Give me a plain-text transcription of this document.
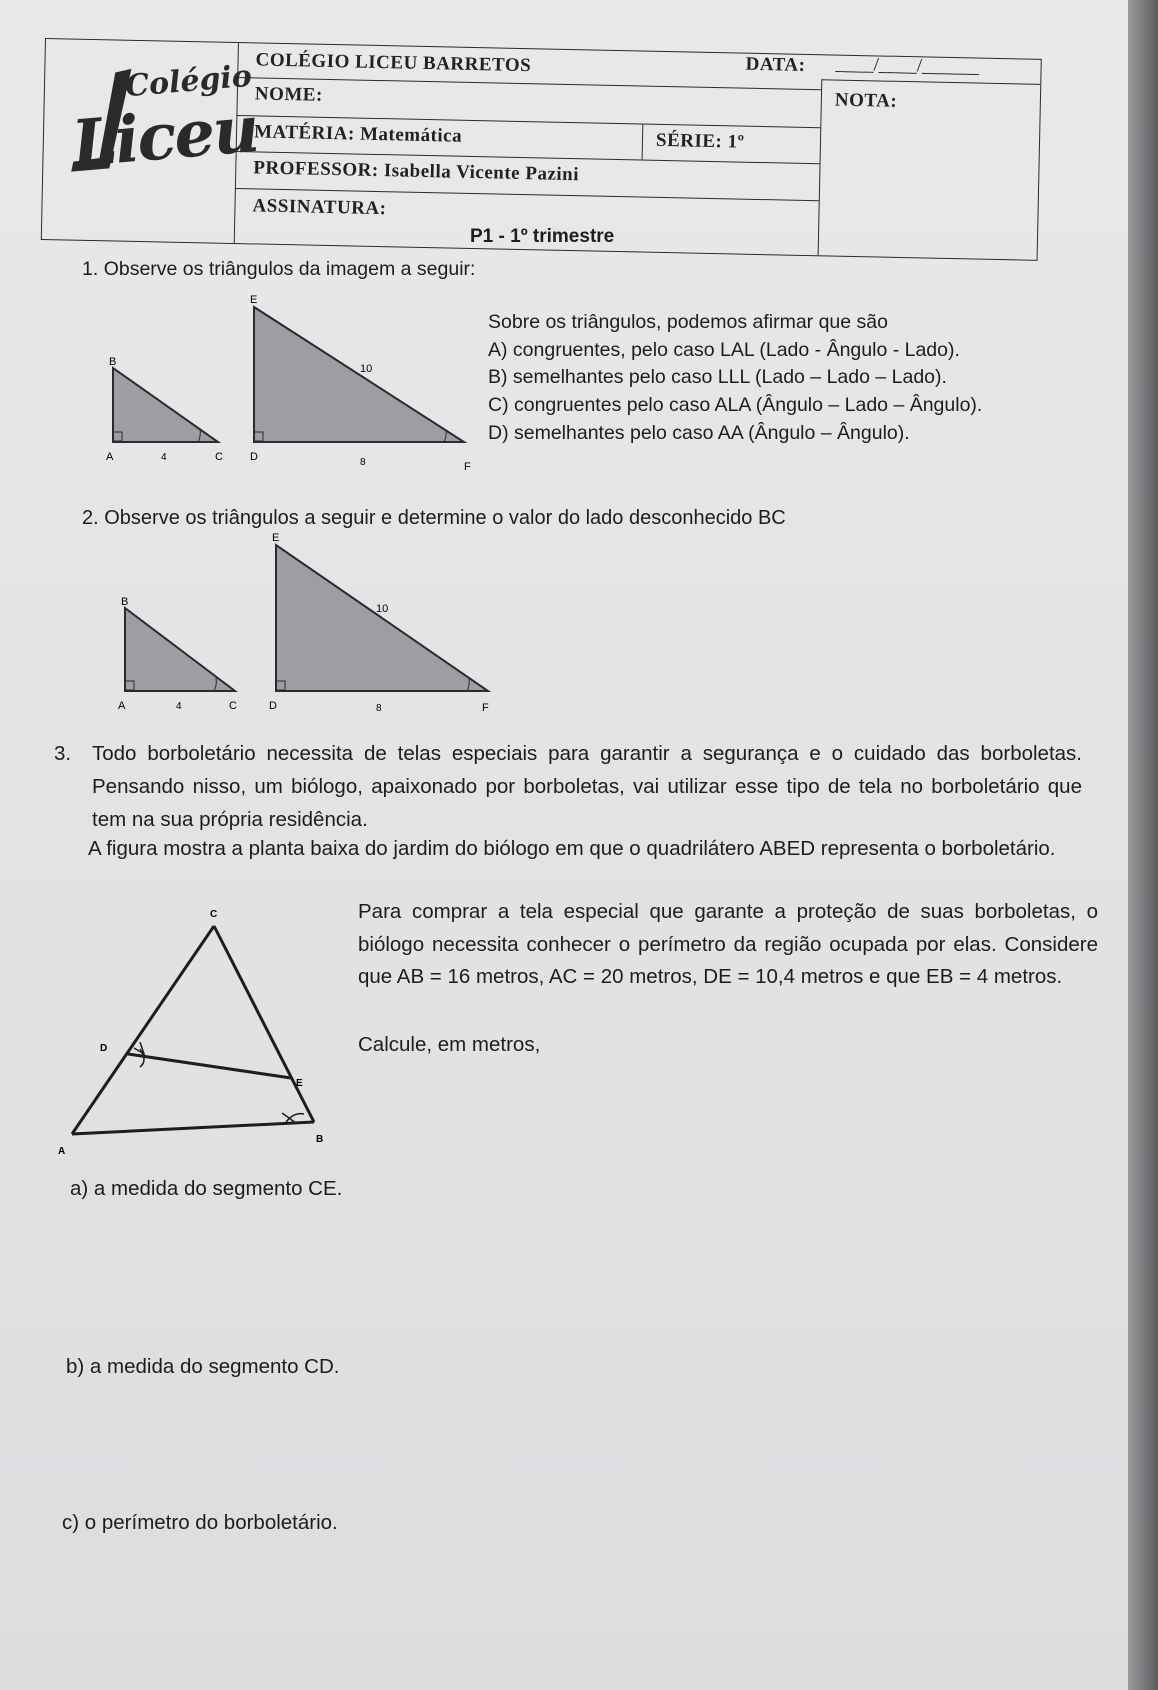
Colégio
Liceu
COLÉGIO LICEU BARRETOS	DATA: ____/____/______
NOME:	NOTA:
MATÉRIA: Matemática	SÉRIE: 1º
PROFESSOR: Isabella Vicente Pazini
ASSINATURA:
P1 - 1º trimestre
1. Observe os triângulos da imagem a seguir:
B
A	4	C
E
10
D	8	F
Sobre os triângulos, podemos afirmar que são
A) congruentes, pelo caso LAL (Lado - Ângulo - Lado).
B) semelhantes pelo caso LLL (Lado – Lado – Lado).
C) congruentes pelo caso ALA (Ângulo – Lado – Ângulo).
D) semelhantes pelo caso AA (Ângulo – Ângulo).
2. Observe os triângulos a seguir e determine o valor do lado desconhecido BC
B
A	4	C
E
10
D	8	F
3.	Todo borboletário necessita de telas especiais para garantir a segurança e o cuidado das borboletas. Pensando nisso, um biólogo, apaixonado por borboletas, vai utilizar esse tipo de tela no borboletário que tem na sua própria residência.
A figura mostra a planta baixa do jardim do biólogo em que o quadrilátero ABED representa o borboletário.
C
D
E
A
B
Para comprar a tela especial que garante a proteção de suas borboletas, o biólogo necessita conhecer o perímetro da região ocupada por elas. Considere que AB = 16 metros, AC = 20 metros, DE = 10,4 metros e que EB = 4 metros.
Calcule, em metros,
a) a medida do segmento CE.
b) a medida do segmento CD.
c) o perímetro do borboletário.
